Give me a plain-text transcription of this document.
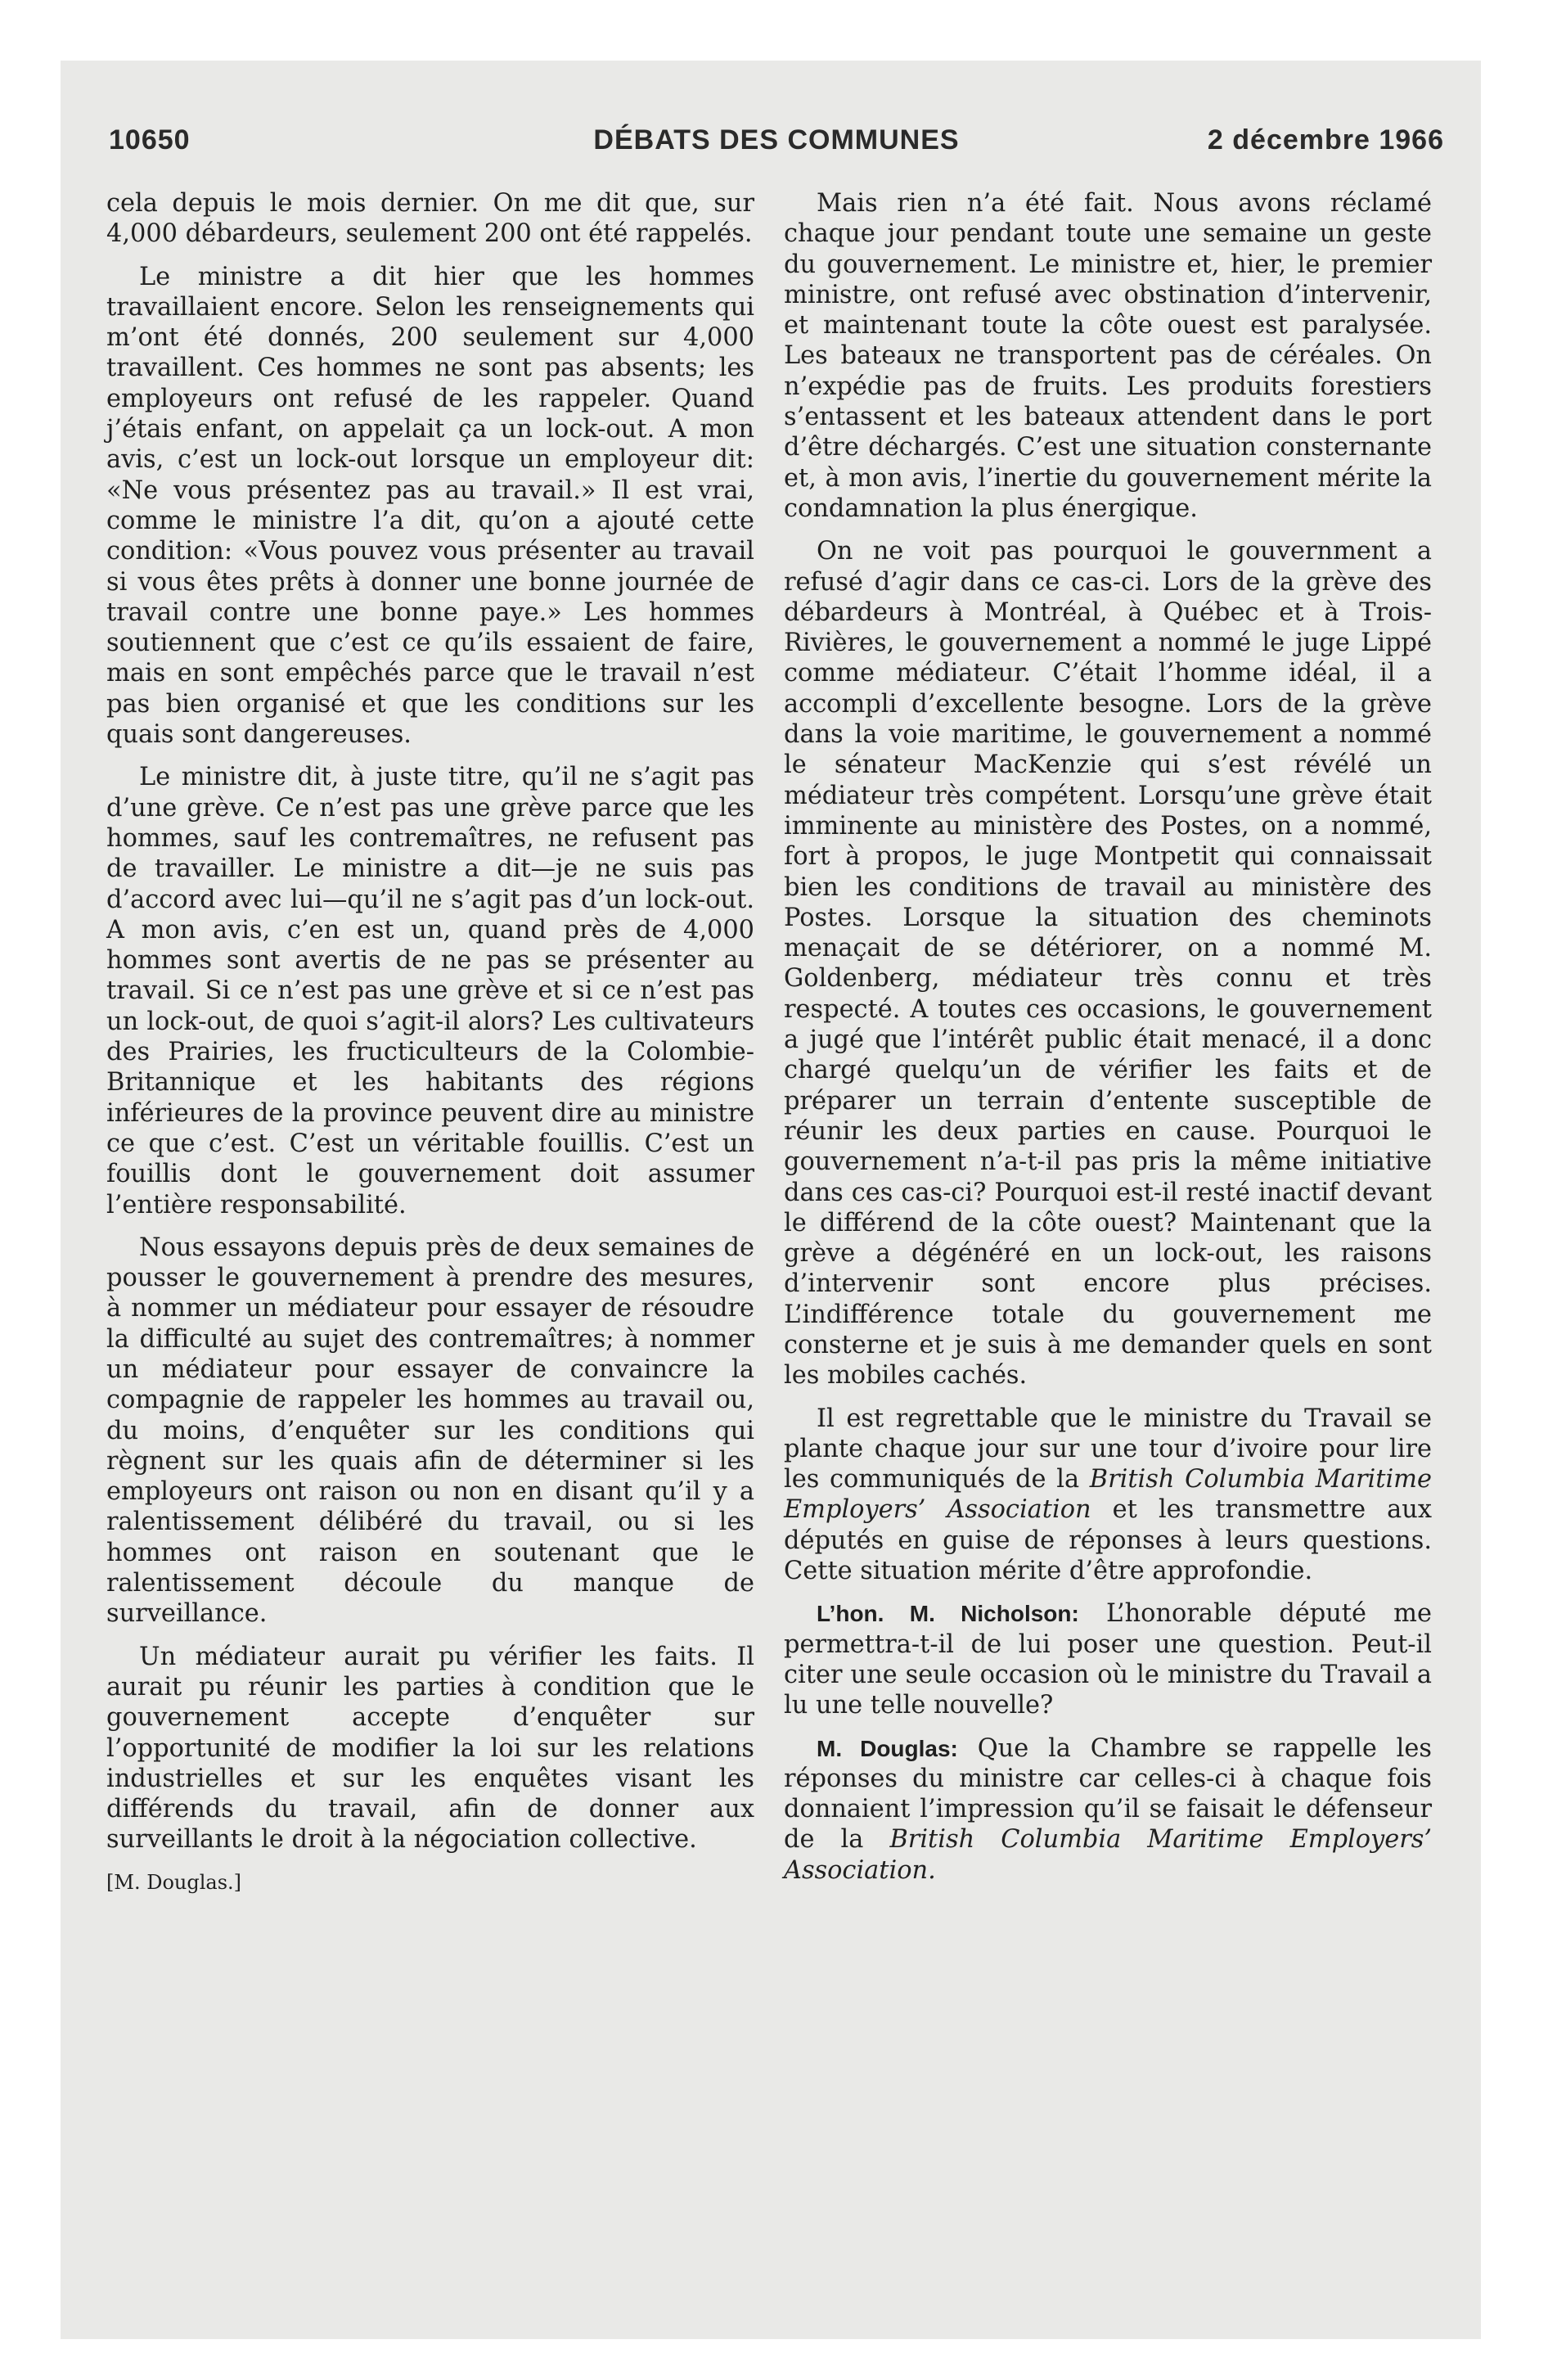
10650	DÉBATS DES COMMUNES	2 décembre 1966

cela depuis le mois dernier. On me dit que, sur 4,000 débardeurs, seulement 200 ont été rappelés.

Le ministre a dit hier que les hommes travaillaient encore. Selon les renseignements qui m’ont été donnés, 200 seulement sur 4,000 travaillent. Ces hommes ne sont pas absents; les employeurs ont refusé de les rappeler. Quand j’étais enfant, on appelait ça un lock-out. A mon avis, c’est un lock-out lorsque un employeur dit: «Ne vous présentez pas au travail.» Il est vrai, comme le ministre l’a dit, qu’on a ajouté cette condition: «Vous pouvez vous présenter au travail si vous êtes prêts à donner une bonne journée de travail contre une bonne paye.» Les hommes soutiennent que c’est ce qu’ils essaient de faire, mais en sont empêchés parce que le travail n’est pas bien organisé et que les conditions sur les quais sont dangereuses.

Le ministre dit, à juste titre, qu’il ne s’agit pas d’une grève. Ce n’est pas une grève parce que les hommes, sauf les contremaîtres, ne refusent pas de travailler. Le ministre a dit—je ne suis pas d’accord avec lui—qu’il ne s’agit pas d’un lock-out. A mon avis, c’en est un, quand près de 4,000 hommes sont avertis de ne pas se présenter au travail. Si ce n’est pas une grève et si ce n’est pas un lock-out, de quoi s’agit-il alors? Les cultivateurs des Prairies, les fructiculteurs de la Colombie-Britannique et les habitants des régions inférieures de la province peuvent dire au ministre ce que c’est. C’est un véritable fouillis. C’est un fouillis dont le gouvernement doit assumer l’entière responsabilité.

Nous essayons depuis près de deux semaines de pousser le gouvernement à prendre des mesures, à nommer un médiateur pour essayer de résoudre la difficulté au sujet des contremaîtres; à nommer un médiateur pour essayer de convaincre la compagnie de rappeler les hommes au travail ou, du moins, d’enquêter sur les conditions qui règnent sur les quais afin de déterminer si les employeurs ont raison ou non en disant qu’il y a ralentissement délibéré du travail, ou si les hommes ont raison en soutenant que le ralentissement découle du manque de surveillance.

Un médiateur aurait pu vérifier les faits. Il aurait pu réunir les parties à condition que le gouvernement accepte d’enquêter sur l’opportunité de modifier la loi sur les relations industrielles et sur les enquêtes visant les différends du travail, afin de donner aux surveillants le droit à la négociation collective.

[M. Douglas.]

Mais rien n’a été fait. Nous avons réclamé chaque jour pendant toute une semaine un geste du gouvernement. Le ministre et, hier, le premier ministre, ont refusé avec obstination d’intervenir, et maintenant toute la côte ouest est paralysée. Les bateaux ne transportent pas de céréales. On n’expédie pas de fruits. Les produits forestiers s’entassent et les bateaux attendent dans le port d’être déchargés. C’est une situation consternante et, à mon avis, l’inertie du gouvernement mérite la condamnation la plus énergique.

On ne voit pas pourquoi le gouvernment a refusé d’agir dans ce cas-ci. Lors de la grève des débardeurs à Montréal, à Québec et à Trois-Rivières, le gouvernement a nommé le juge Lippé comme médiateur. C’était l’homme idéal, il a accompli d’excellente besogne. Lors de la grève dans la voie maritime, le gouvernement a nommé le sénateur MacKenzie qui s’est révélé un médiateur très compétent. Lorsqu’une grève était imminente au ministère des Postes, on a nommé, fort à propos, le juge Montpetit qui connaissait bien les conditions de travail au ministère des Postes. Lorsque la situation des cheminots menaçait de se détériorer, on a nommé M. Goldenberg, médiateur très connu et très respecté. A toutes ces occasions, le gouvernement a jugé que l’intérêt public était menacé, il a donc chargé quelqu’un de vérifier les faits et de préparer un terrain d’entente susceptible de réunir les deux parties en cause. Pourquoi le gouvernement n’a-t-il pas pris la même initiative dans ces cas-ci? Pourquoi est-il resté inactif devant le différend de la côte ouest? Maintenant que la grève a dégénéré en un lock-out, les raisons d’intervenir sont encore plus précises. L’indifférence totale du gouvernement me consterne et je suis à me demander quels en sont les mobiles cachés.

Il est regrettable que le ministre du Travail se plante chaque jour sur une tour d’ivoire pour lire les communiqués de la British Columbia Maritime Employers’ Association et les transmettre aux députés en guise de réponses à leurs questions. Cette situation mérite d’être approfondie.

L’hon. M. Nicholson: L’honorable député me permettra-t-il de lui poser une question. Peut-il citer une seule occasion où le ministre du Travail a lu une telle nouvelle?

M. Douglas: Que la Chambre se rappelle les réponses du ministre car celles-ci à chaque fois donnaient l’impression qu’il se faisait le défenseur de la British Columbia Maritime Employers’ Association.
